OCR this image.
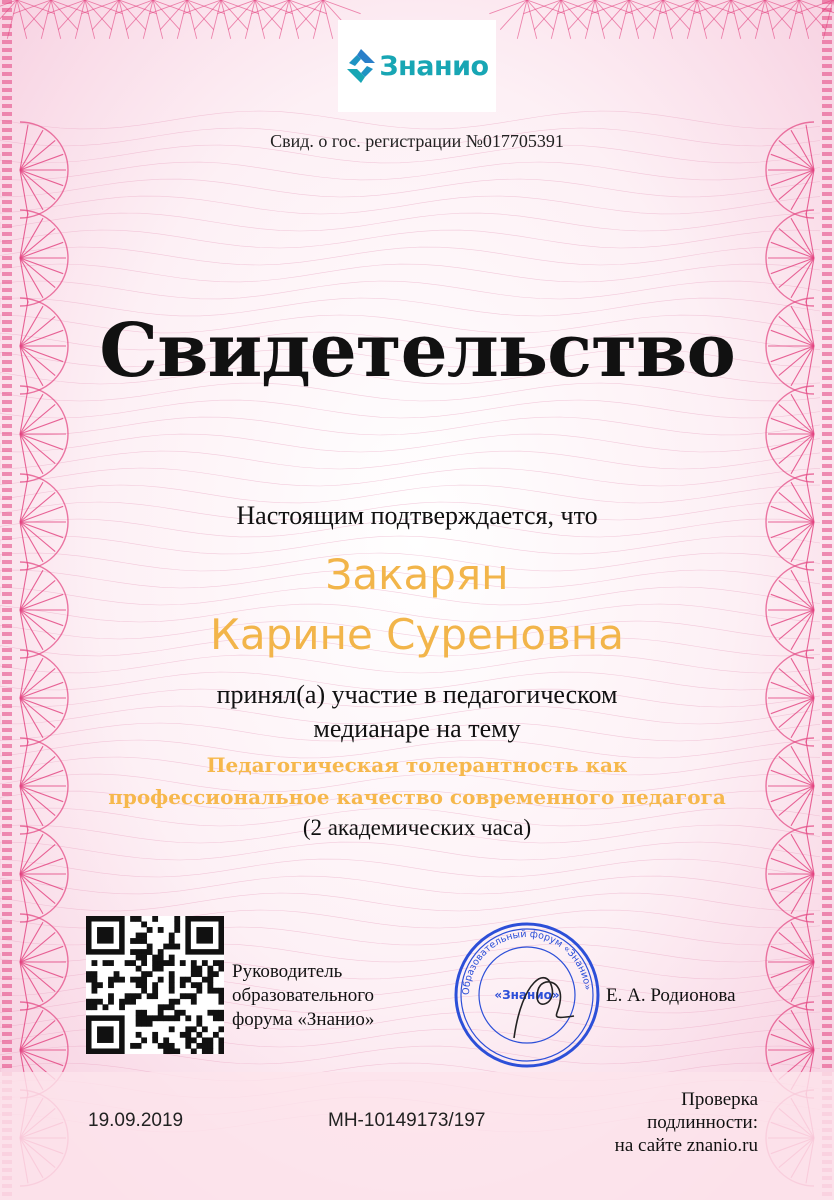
Знанио
Свид. о гос. регистрации №017705391
Свидетельство
Настоящим подтверждается, что
Закарян
Карине Суреновна
принял(а) участие в педагогическом
медианаре на тему
Педагогическая толерантность как
профессиональное качество современного педагога
(2 академических часа)
Руководитель
образовательного
форума «Знанио»
Образовательный форум «Знанио»
«Знанио» Е. А. Родионова
19.09.2019	МН-10149173/197
Проверка
подлинности:
на сайте znanio.ru
